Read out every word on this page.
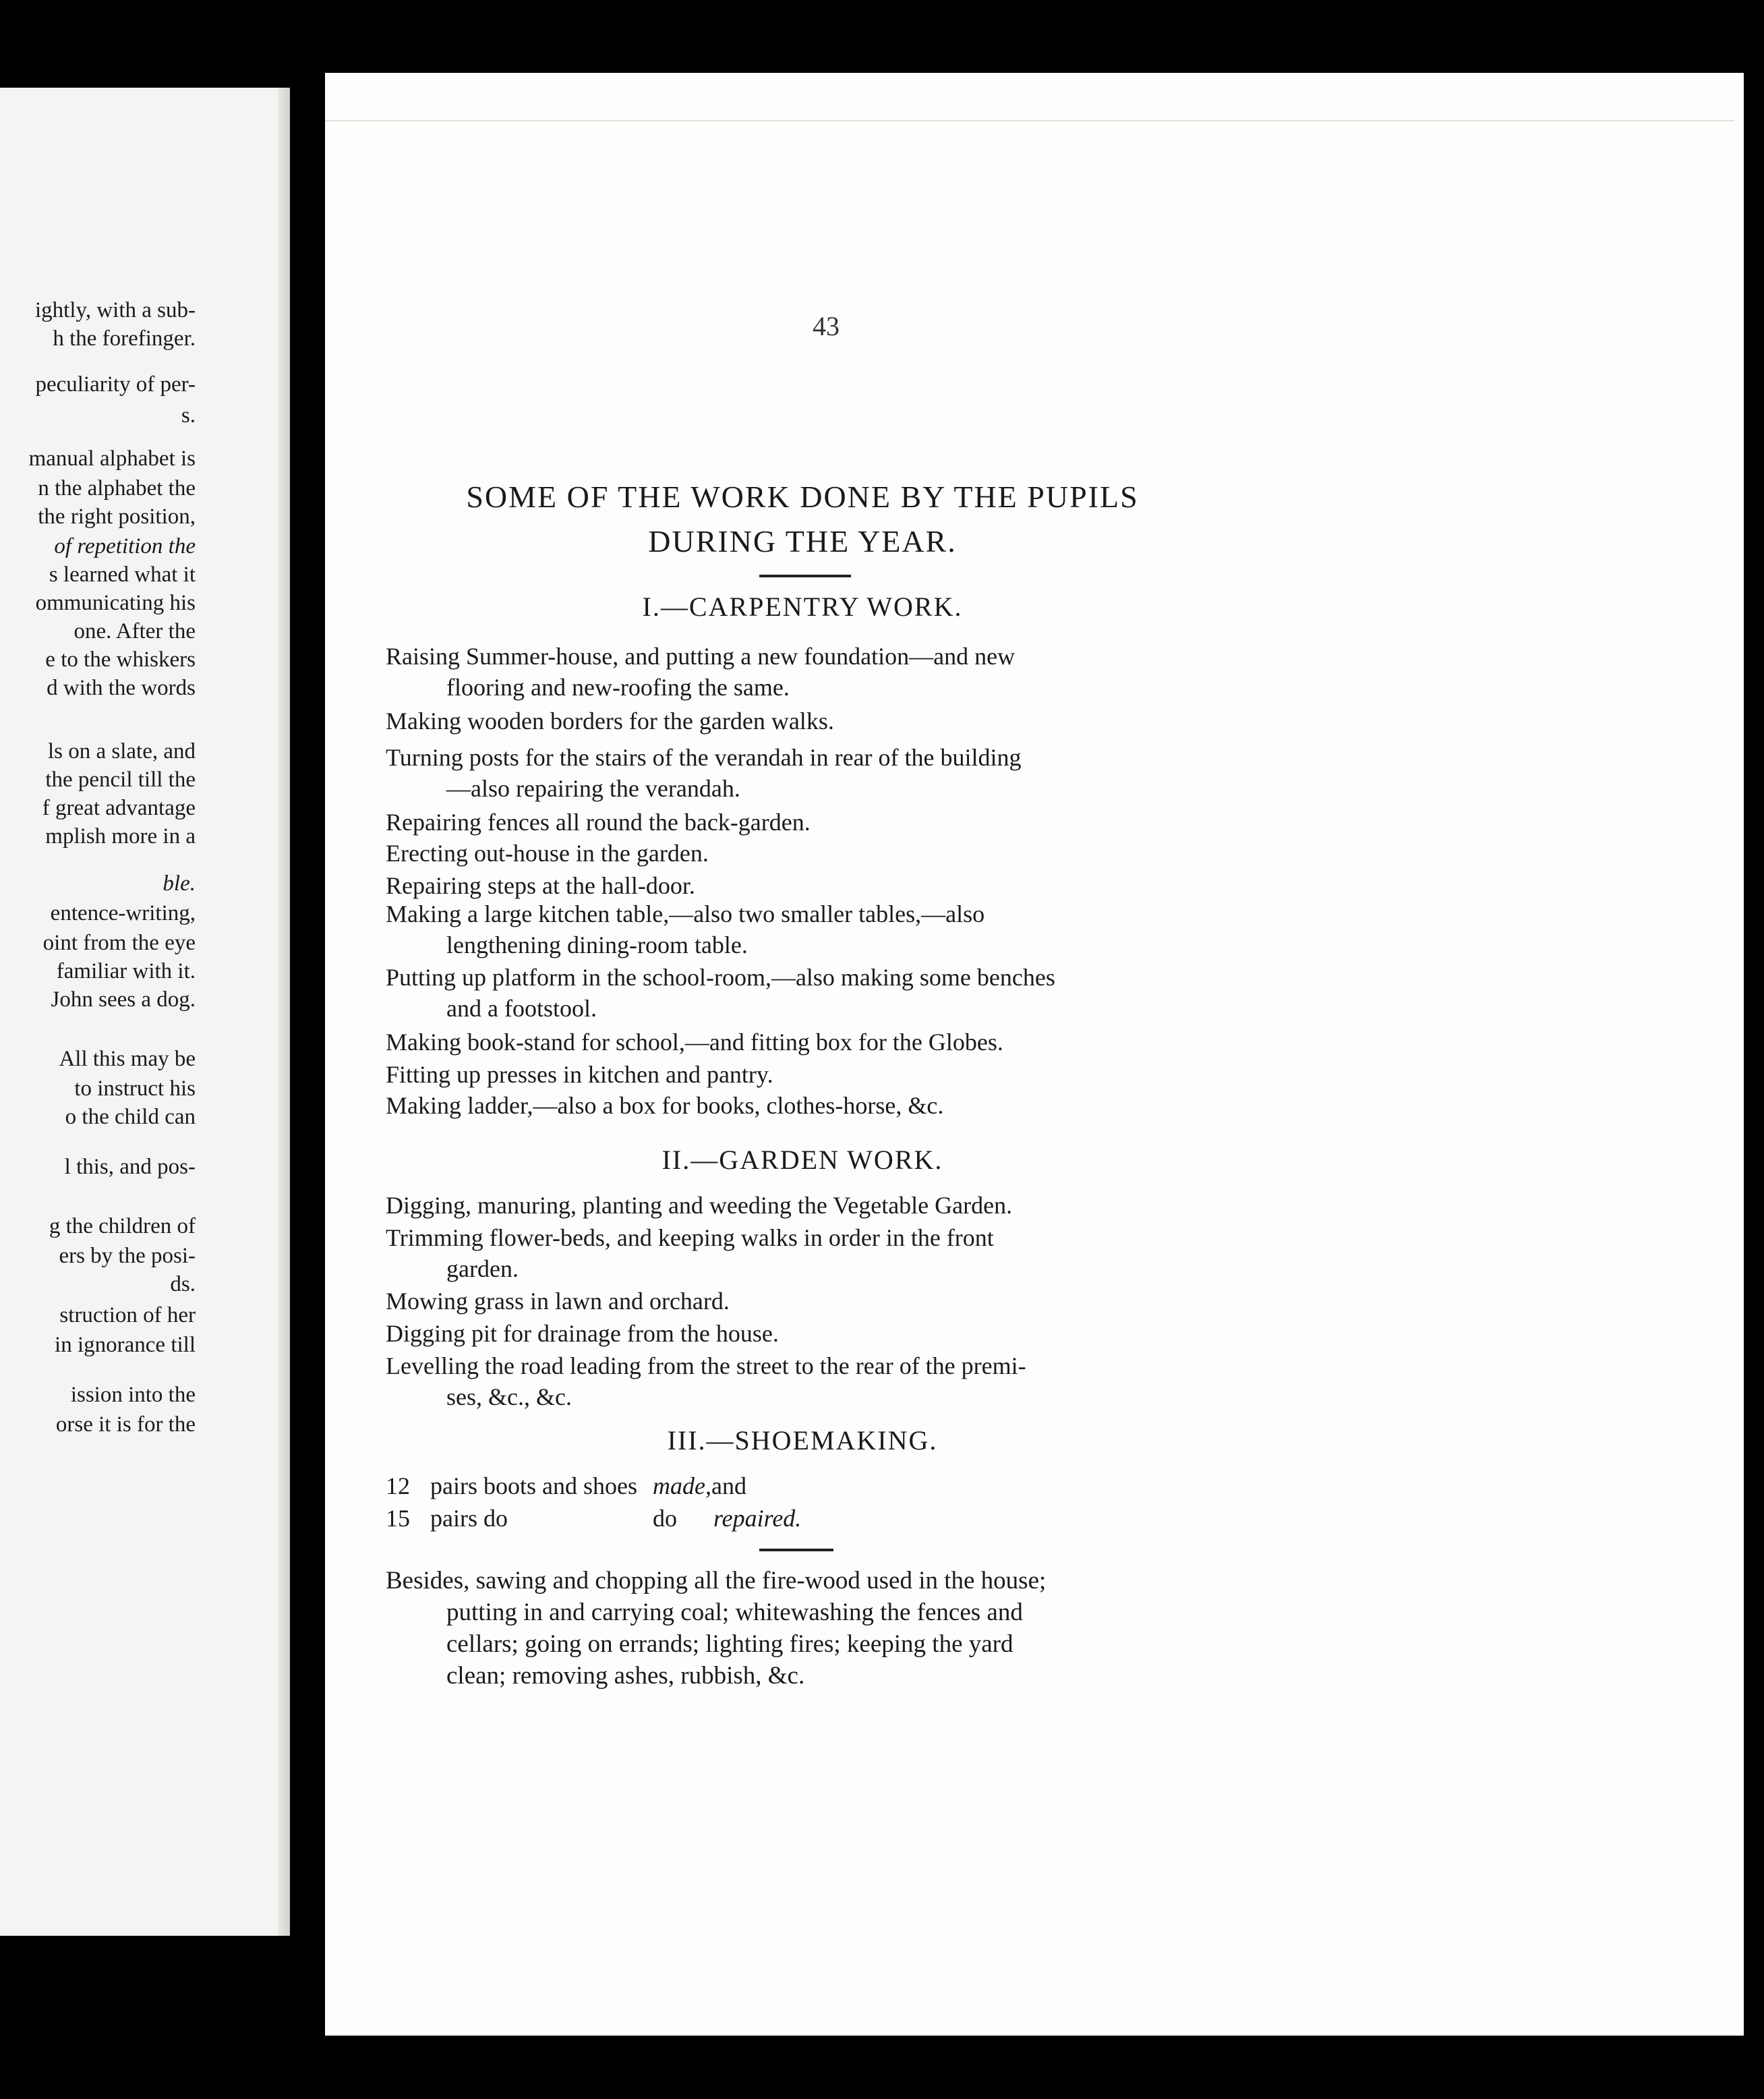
ightly, with a sub-
h the forefinger.
peculiarity of per-
s.
manual alphabet is
n the alphabet the
the right position,
of repetition the
s learned what it
ommunicating his
one. After the
e to the whiskers
d with the words
ls on a slate, and
the pencil till the
f great advantage
mplish more in a
ble.
entence-writing,
oint from the eye
familiar with it.
John sees a dog.
All this may be
to instruct his
o the child can
l this, and pos-
g the children of
ers by the posi-
ds.
struction of her
in ignorance till
ission into the
orse it is for the
43
SOME OF THE WORK DONE BY THE PUPILS
DURING THE YEAR.
I.—CARPENTRY WORK.
Raising Summer-house, and putting a new foundation—and new
flooring and new-roofing the same.
Making wooden borders for the garden walks.
Turning posts for the stairs of the verandah in rear of the building
—also repairing the verandah.
Repairing fences all round the back-garden.
Erecting out-house in the garden.
Repairing steps at the hall-door.
Making a large kitchen table,—also two smaller tables,—also
lengthening dining-room table.
Putting up platform in the school-room,—also making some benches
and a footstool.
Making book-stand for school,—and fitting box for the Globes.
Fitting up presses in kitchen and pantry.
Making ladder,—also a box for books, clothes-horse, &c.
II.—GARDEN WORK.
Digging, manuring, planting and weeding the Vegetable Garden.
Trimming flower-beds, and keeping walks in order in the front
garden.
Mowing grass in lawn and orchard.
Digging pit for drainage from the house.
Levelling the road leading from the street to the rear of the premi-
ses, &c., &c.
III.—SHOEMAKING.
12 pairs boots and shoes made,and
15 pairs do	do repaired.
Besides, sawing and chopping all the fire-wood used in the house;
putting in and carrying coal; whitewashing the fences and
cellars; going on errands; lighting fires; keeping the yard
clean; removing ashes, rubbish, &c.
